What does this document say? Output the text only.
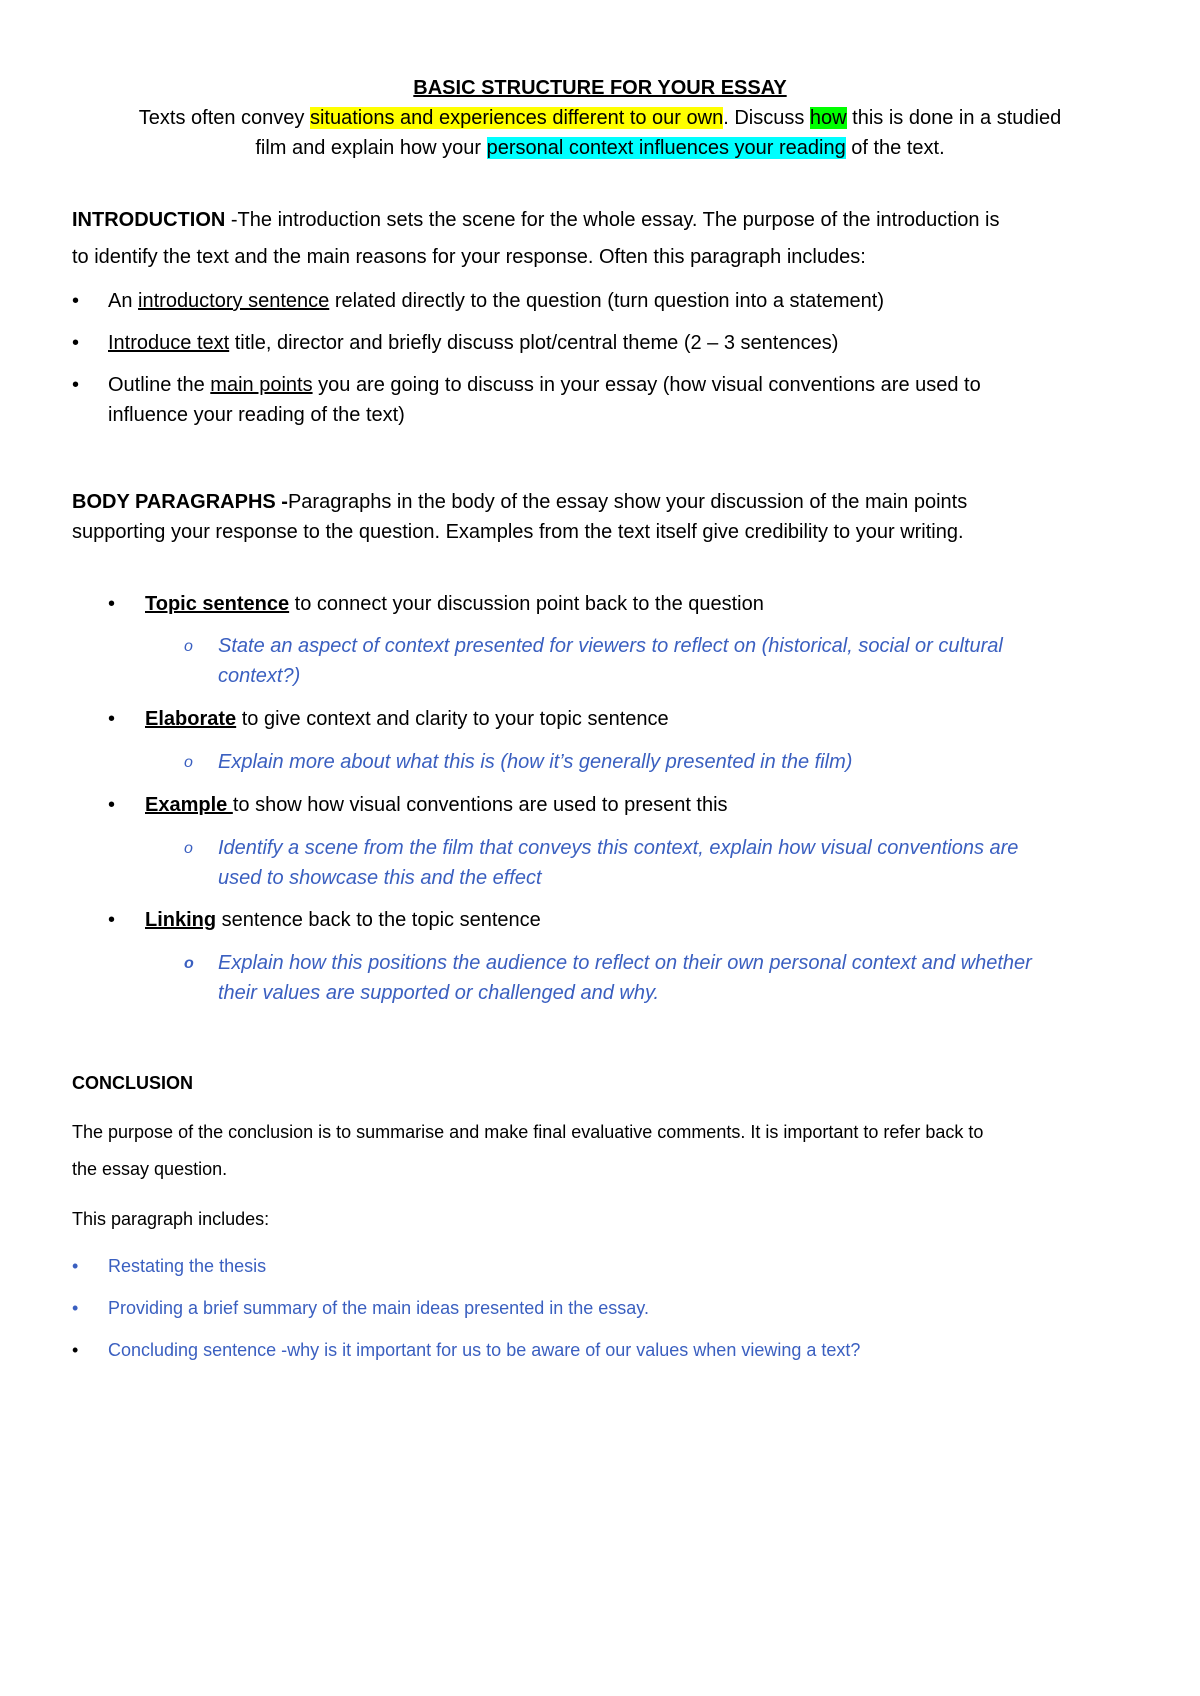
BASIC STRUCTURE FOR YOUR ESSAY
Texts often convey situations and experiences different to our own. Discuss how this is done in a studied
film and explain how your personal context influences your reading of the text.
INTRODUCTION -The introduction sets the scene for the whole essay. The purpose of the introduction is
to identify the text and the main reasons for your response. Often this paragraph includes:
• An introductory sentence related directly to the question (turn question into a statement)
• Introduce text title, director and briefly discuss plot/central theme (2 – 3 sentences)
• Outline the main points you are going to discuss in your essay (how visual conventions are used to
influence your reading of the text)
BODY PARAGRAPHS -Paragraphs in the body of the essay show your discussion of the main points
supporting your response to the question. Examples from the text itself give credibility to your writing.
• Topic sentence to connect your discussion point back to the question
o State an aspect of context presented for viewers to reflect on (historical, social or cultural
context?)
• Elaborate to give context and clarity to your topic sentence
o Explain more about what this is (how it’s generally presented in the film)
• Example to show how visual conventions are used to present this
o Identify a scene from the film that conveys this context, explain how visual conventions are
used to showcase this and the effect
• Linking sentence back to the topic sentence
o Explain how this positions the audience to reflect on their own personal context and whether
their values are supported or challenged and why.
CONCLUSION
The purpose of the conclusion is to summarise and make final evaluative comments. It is important to refer back to
the essay question.
This paragraph includes:
• Restating the thesis
• Providing a brief summary of the main ideas presented in the essay.
• Concluding sentence -why is it important for us to be aware of our values when viewing a text?
